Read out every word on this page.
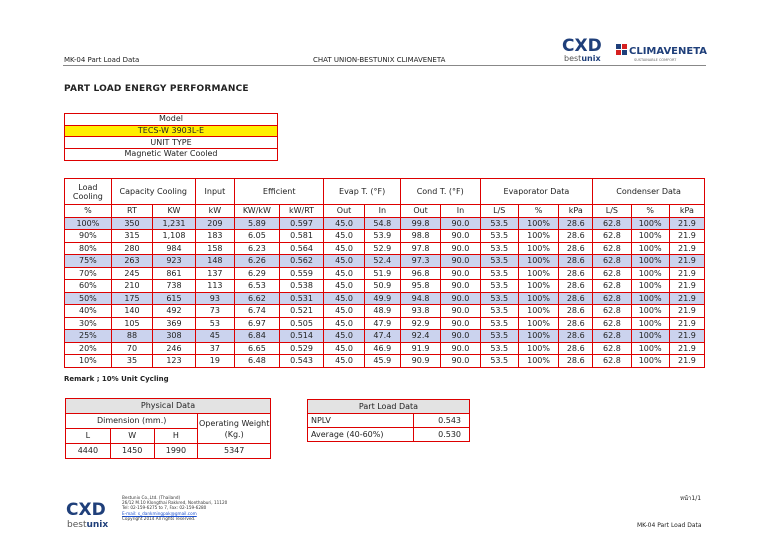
MK-04 Part Load Data	CHAT UNION-BESTUNIX CLIMAVENETA
CXD
bestunix
CLIMAVENETA
SUSTAINABLE COMFORT
PART LOAD ENERGY PERFORMANCE
Model
TECS-W 3903L-E
UNIT TYPE
Magnetic Water Cooled
Load Cooling	Capacity Cooling		Input	Efficient		Evap T. (°F)		Cond T. (°F)		Evaporator Data			Condenser Data		
%	RT	KW	kW	KW/kW	kW/RT	Out	In	Out	In	L/S	%	kPa	L/S	%	kPa
100%	350	1,231	209	5.89	0.597	45.0	54.8	99.8	90.0	53.5	100%	28.6	62.8	100%	21.9
90%	315	1,108	183	6.05	0.581	45.0	53.9	98.8	90.0	53.5	100%	28.6	62.8	100%	21.9
80%	280	984	158	6.23	0.564	45.0	52.9	97.8	90.0	53.5	100%	28.6	62.8	100%	21.9
75%	263	923	148	6.26	0.562	45.0	52.4	97.3	90.0	53.5	100%	28.6	62.8	100%	21.9
70%	245	861	137	6.29	0.559	45.0	51.9	96.8	90.0	53.5	100%	28.6	62.8	100%	21.9
60%	210	738	113	6.53	0.538	45.0	50.9	95.8	90.0	53.5	100%	28.6	62.8	100%	21.9
50%	175	615	93	6.62	0.531	45.0	49.9	94.8	90.0	53.5	100%	28.6	62.8	100%	21.9
40%	140	492	73	6.74	0.521	45.0	48.9	93.8	90.0	53.5	100%	28.6	62.8	100%	21.9
30%	105	369	53	6.97	0.505	45.0	47.9	92.9	90.0	53.5	100%	28.6	62.8	100%	21.9
25%	88	308	45	6.84	0.514	45.0	47.4	92.4	90.0	53.5	100%	28.6	62.8	100%	21.9
20%	70	246	37	6.65	0.529	45.0	46.9	91.9	90.0	53.5	100%	28.6	62.8	100%	21.9
10%	35	123	19	6.48	0.543	45.0	45.9	90.9	90.0	53.5	100%	28.6	62.8	100%	21.9
Remark ; 10% Unit Cycling
Physical Data			
Dimension (mm.)			Operating Weight (Kg.)
L	W	H	
4440	1450	1990	5347
Part Load Data	
NPLV	0.543
Average (40-60%)	0.530
หน้า1/1
CXD
bestunix
Bestunix Co.,Ltd. (Thailand)
26/12 M.10 Klongthai Rakkred, Nonthaburi, 11120
Tel: 02-159-6275 to 7, Fax: 02-159-6280
E-mail: s_dankmingpak@gmail.com
Copyright 2014 All rights reserved.
MK-04 Part Load Data
